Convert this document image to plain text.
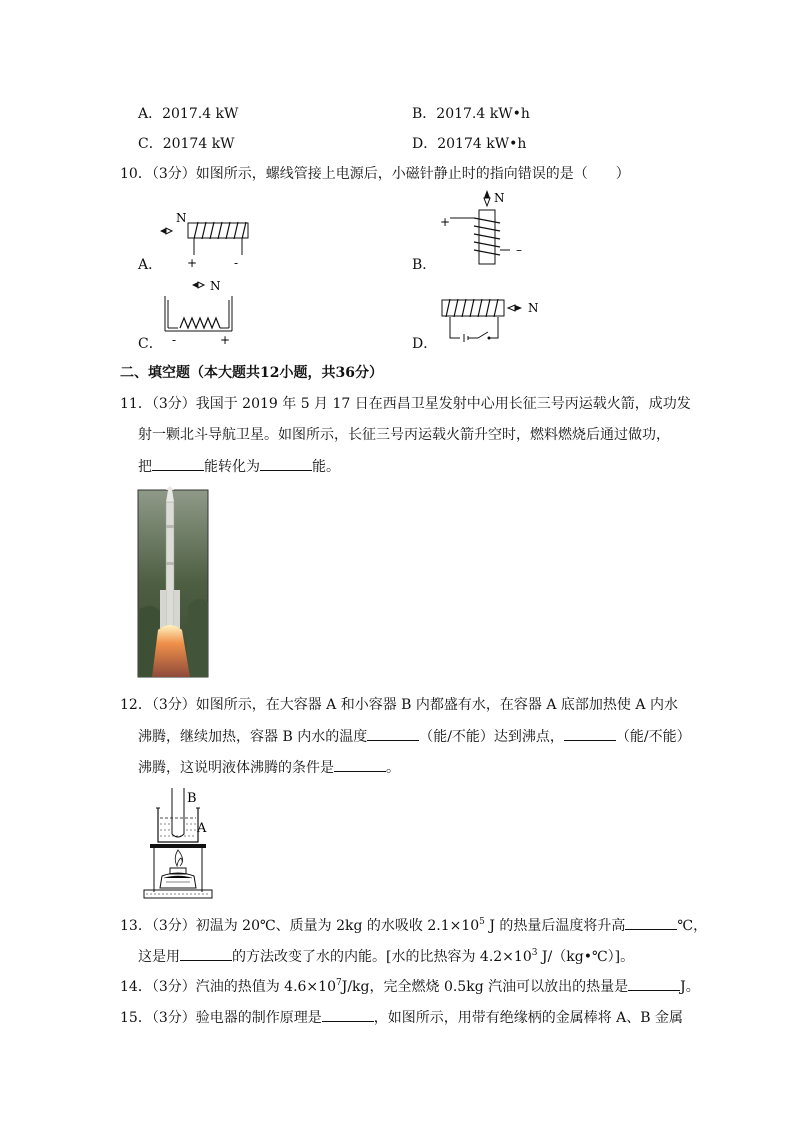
A．2017.4 kW	B．2017.4 kW•h
C．20174 kW	D．20174 kW•h
10．（3分）如图所示，螺线管接上电源后，小磁针静止时的指向错误的是（　　）
A．	B．
C．	D．
N
+	-
N
+
–
N
-	+
N
二、填空题（本大题共12小题，共36分）
11．（3分）我国于 2019 年 5 月 17 日在西昌卫星发射中心用长征三号丙运载火箭，成功发
射一颗北斗导航卫星。如图所示，长征三号丙运载火箭升空时，燃料燃烧后通过做功，
把	能转化为	能。
12．（3分）如图所示，在大容器 A 和小容器 B 内都盛有水，在容器 A 底部加热使 A 内水
沸腾，继续加热，容器 B 内水的温度	（能/不能）达到沸点，	（能/不能）
沸腾，这说明液体沸腾的条件是	。
B
A
13．（3分）初温为 20℃、质量为 2kg 的水吸收 $2.1\times 10^5$ J 的热量后温度将升高	℃，
这是用	的方法改变了水的内能。[水的比热容为 $4.2\times 10^3$ J/（kg•℃）]。
14．（3分）汽油的热值为 $4.6\times 10^7J/kg$，完全燃烧 0.5kg 汽油可以放出的热量是	J。
15．（3分）验电器的制作原理是	，如图所示，用带有绝缘柄的金属棒将 A、B 金属
